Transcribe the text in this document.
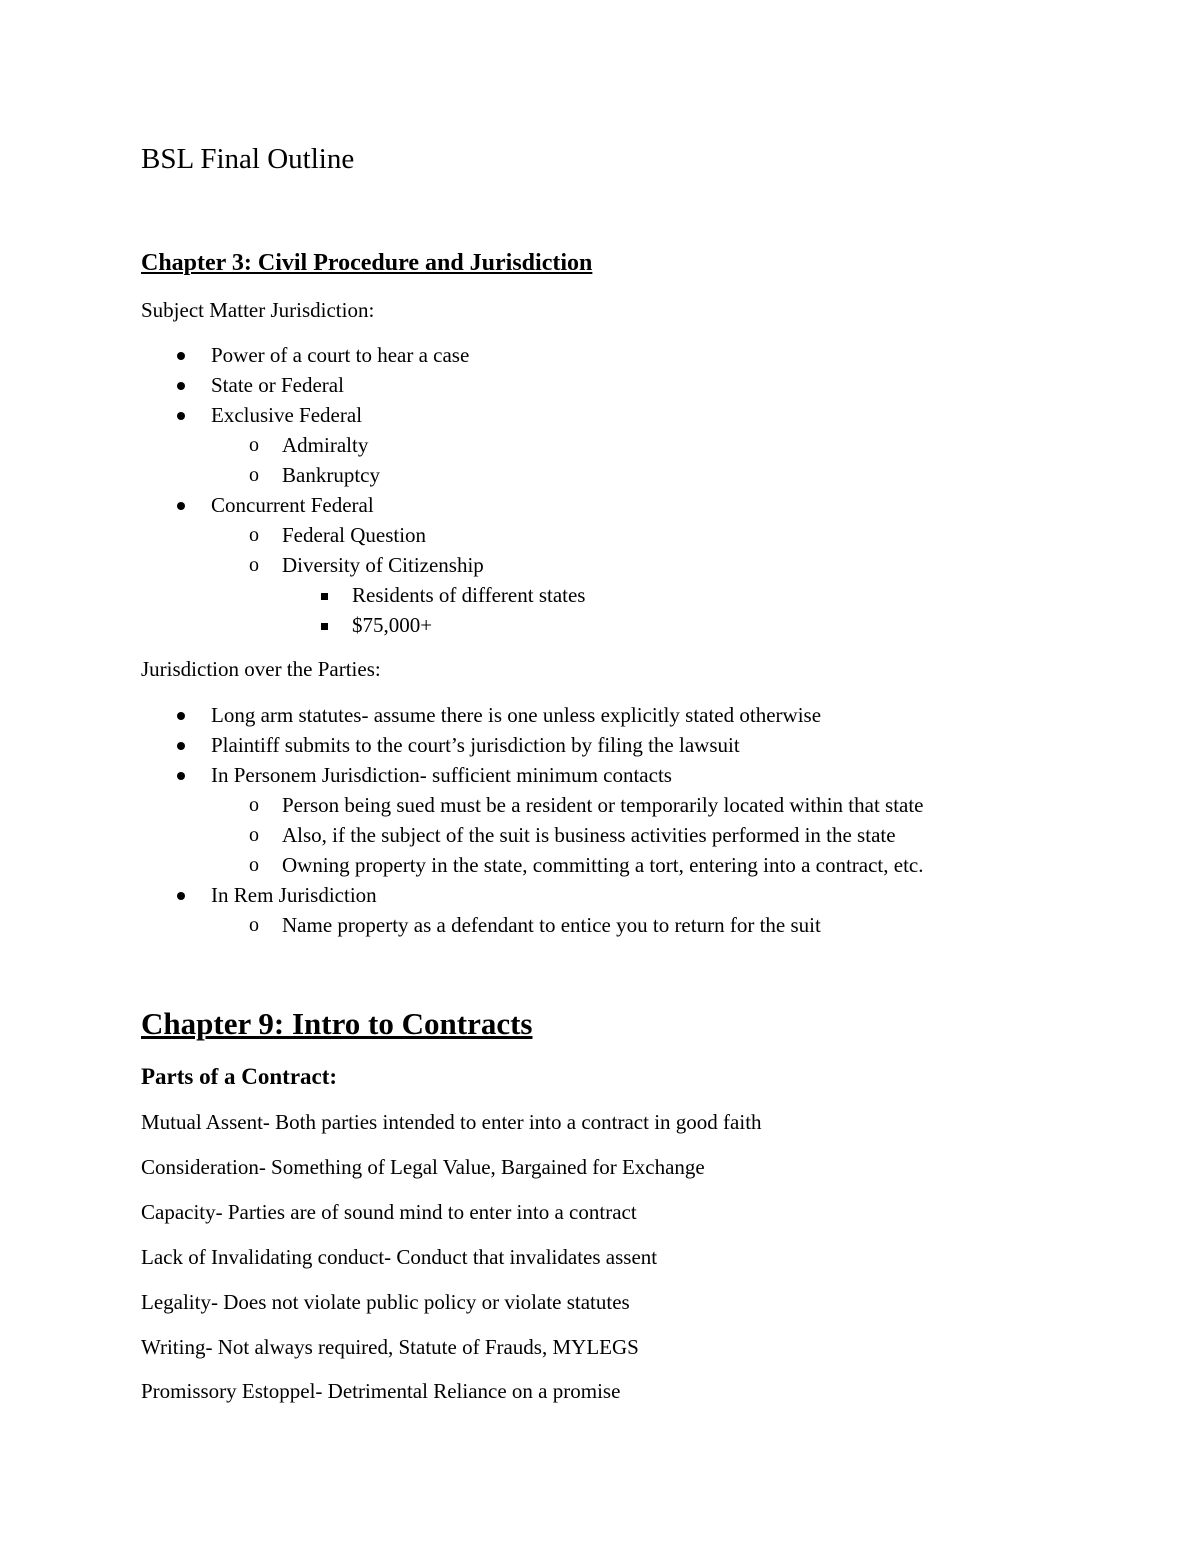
BSL Final Outline
Chapter 3: Civil Procedure and Jurisdiction
Subject Matter Jurisdiction:
Power of a court to hear a case
State or Federal
Exclusive Federal
o Admiralty
o Bankruptcy
Concurrent Federal
o Federal Question
o Diversity of Citizenship
Residents of different states
$75,000+
Jurisdiction over the Parties:
Long arm statutes- assume there is one unless explicitly stated otherwise
Plaintiff submits to the court’s jurisdiction by filing the lawsuit
In Personem Jurisdiction- sufficient minimum contacts
o Person being sued must be a resident or temporarily located within that state
o Also, if the subject of the suit is business activities performed in the state
o Owning property in the state, committing a tort, entering into a contract, etc.
In Rem Jurisdiction
o Name property as a defendant to entice you to return for the suit
Chapter 9: Intro to Contracts
Parts of a Contract:
Mutual Assent- Both parties intended to enter into a contract in good faith
Consideration- Something of Legal Value, Bargained for Exchange
Capacity- Parties are of sound mind to enter into a contract
Lack of Invalidating conduct- Conduct that invalidates assent
Legality- Does not violate public policy or violate statutes
Writing- Not always required, Statute of Frauds, MYLEGS
Promissory Estoppel- Detrimental Reliance on a promise
